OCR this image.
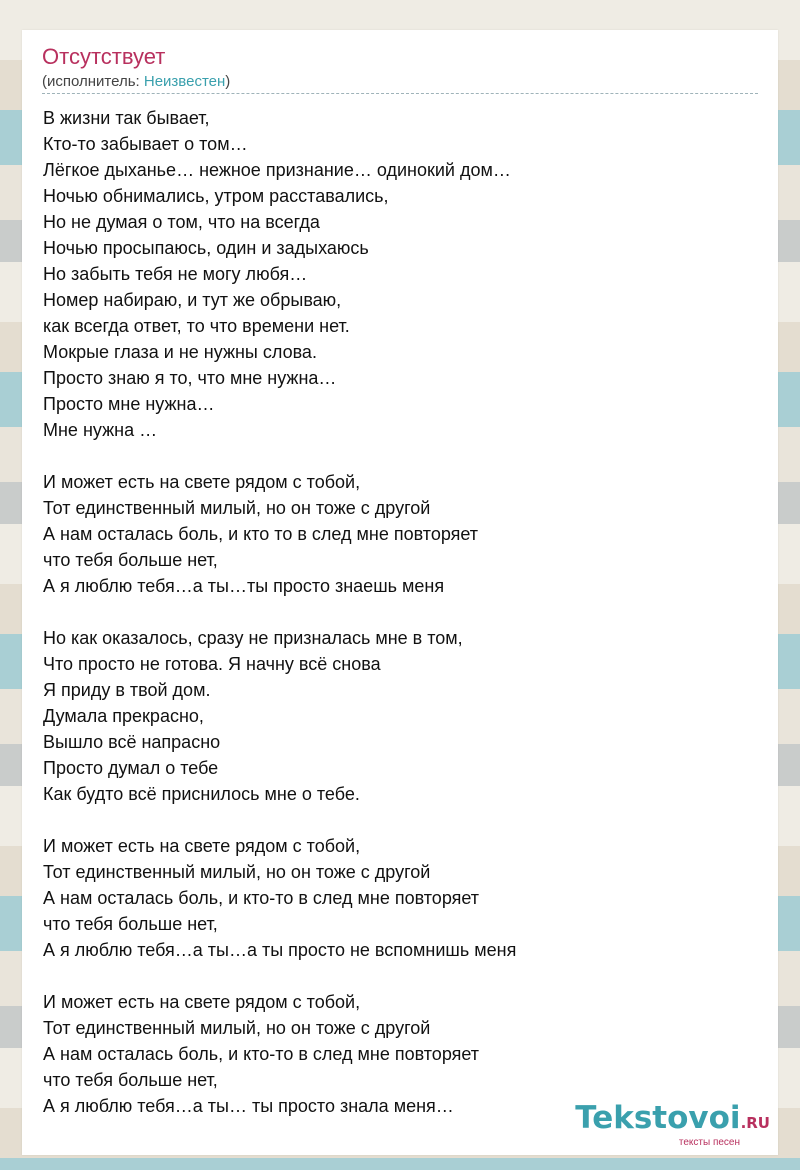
Отсутствует
(исполнитель: Неизвестен)
В жизни так бывает,
Кто-то забывает о том…
Лёгкое дыханье… нежное признание… одинокий дом…
Ночью обнимались, утром расставались,
Но не думая о том, что на всегда
Ночью просыпаюсь, один и задыхаюсь
Но забыть тебя не могу любя…
Номер набираю, и тут же обрываю,
как всегда ответ, то что времени нет.
Мокрые глаза и не нужны слова.
Просто знаю я то, что мне нужна…
Просто мне нужна…
Мне нужна …
И может есть на свете рядом с тобой,
Тот единственный милый, но он тоже с другой
А нам осталась боль, и кто то в след мне повторяет
что тебя больше нет,
А я люблю тебя…а ты…ты просто знаешь меня
Но как оказалось, сразу не призналась мне в том,
Что просто не готова. Я начну всё снова
Я приду в твой дом.
Думала прекрасно,
Вышло всё напрасно
Просто думал о тебе
Как будто всё приснилось мне о тебе.
И может есть на свете рядом с тобой,
Тот единственный милый, но он тоже с другой
А нам осталась боль, и кто-то в след мне повторяет
что тебя больше нет,
А я люблю тебя…а ты…а ты просто не вспомнишь меня
И может есть на свете рядом с тобой,
Тот единственный милый, но он тоже с другой
А нам осталась боль, и кто-то в след мне повторяет
что тебя больше нет,
А я люблю тебя…а ты… ты просто знала меня…	Tekstovoi.RU
тексты песен
